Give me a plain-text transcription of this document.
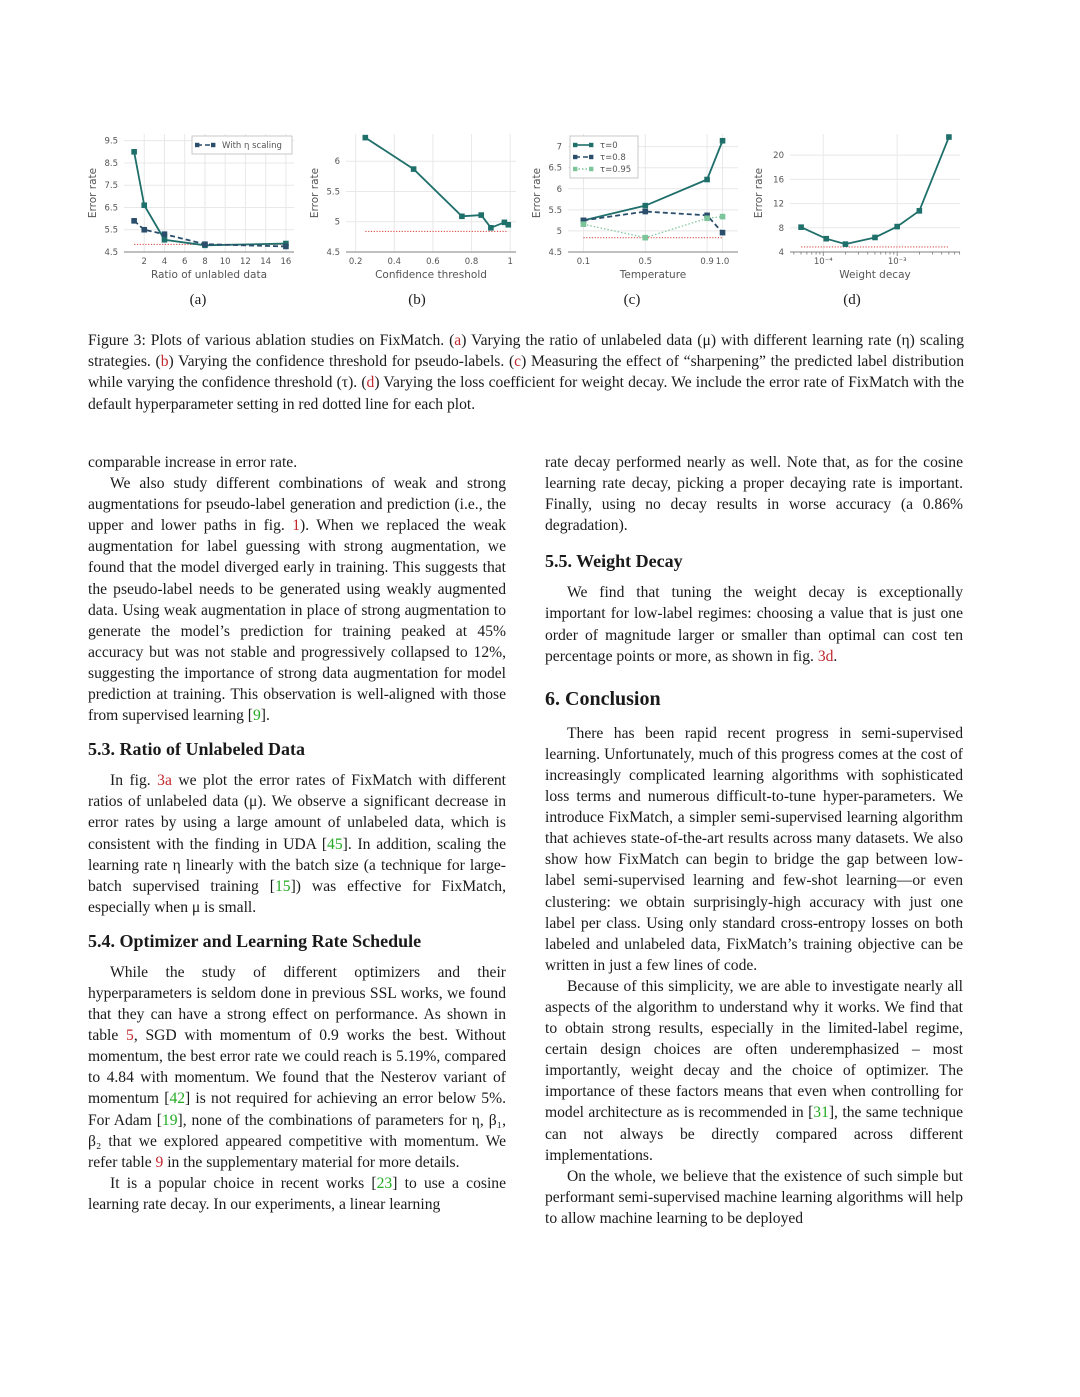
4.5
5.5
6.5
7.5
8.5
9.5
2 4 6 8 10 12 14 16
Ratio of unlabled data
Error rate
With η scaling
4.5
5
5.5
6
0.2	0.4	0.6	0.8	1
Confidence threshold
Error rate
4.5
5
5.5
6
6.5
7
0.1	0.5	0.9 1.0
Temperature
Error rate
τ=0
τ=0.8
τ=0.95
4
8
12
16
20
10⁻⁴	10⁻³
Weight decay
Error rate
(a)	(b)	(c)	(d)
Figure 3: Plots of various ablation studies on FixMatch. (a) Varying the ratio of unlabeled data (μ) with different learning rate (η) scaling strategies. (b) Varying the confidence threshold for pseudo-labels. (c) Measuring the effect of “sharpening” the predicted label distribution while varying the confidence threshold (τ). (d) Varying the loss coefficient for weight decay. We include the error rate of FixMatch with the default hyperparameter setting in red dotted line for each plot.

comparable increase in error rate.

We also study different combinations of weak and strong augmentations for pseudo-label generation and prediction (i.e., the upper and lower paths in fig. 1). When we replaced the weak augmentation for label guessing with strong augmentation, we found that the model diverged early in training. This suggests that the pseudo-label needs to be generated using weakly augmented data. Using weak augmentation in place of strong augmentation to generate the model’s prediction for training peaked at 45% accuracy but was not stable and progressively collapsed to 12%, suggesting the importance of strong data augmentation for model prediction at training. This observation is well-aligned with those from supervised learning [9].

5.3. Ratio of Unlabeled Data

In fig. 3a we plot the error rates of FixMatch with different ratios of unlabeled data (μ). We observe a significant decrease in error rates by using a large amount of unlabeled data, which is consistent with the finding in UDA [45]. In addition, scaling the learning rate η linearly with the batch size (a technique for large-batch supervised training [15]) was effective for FixMatch, especially when μ is small.

5.4. Optimizer and Learning Rate Schedule

While the study of different optimizers and their hyperparameters is seldom done in previous SSL works, we found that they can have a strong effect on performance. As shown in table 5, SGD with momentum of 0.9 works the best. Without momentum, the best error rate we could reach is 5.19%, compared to 4.84 with momentum. We found that the Nesterov variant of momentum [42] is not required for achieving an error below 5%. For Adam [19], none of the combinations of parameters for η, β₁, β₂ that we explored appeared competitive with momentum. We refer table 9 in the supplementary material for more details.

It is a popular choice in recent works [23] to use a cosine learning rate decay. In our experiments, a linear learning

rate decay performed nearly as well. Note that, as for the cosine learning rate decay, picking a proper decaying rate is important. Finally, using no decay results in worse accuracy (a 0.86% degradation).

5.5. Weight Decay

We find that tuning the weight decay is exceptionally important for low-label regimes: choosing a value that is just one order of magnitude larger or smaller than optimal can cost ten percentage points or more, as shown in fig. 3d.

6. Conclusion

There has been rapid recent progress in semi-supervised learning. Unfortunately, much of this progress comes at the cost of increasingly complicated learning algorithms with sophisticated loss terms and numerous difficult-to-tune hyper-parameters. We introduce FixMatch, a simpler semi-supervised learning algorithm that achieves state-of-the-art results across many datasets. We also show how FixMatch can begin to bridge the gap between low-label semi-supervised learning and few-shot learning—or even clustering: we obtain surprisingly-high accuracy with just one label per class. Using only standard cross-entropy losses on both labeled and unlabeled data, FixMatch’s training objective can be written in just a few lines of code.

Because of this simplicity, we are able to investigate nearly all aspects of the algorithm to understand why it works. We find that to obtain strong results, especially in the limited-label regime, certain design choices are often underemphasized – most importantly, weight decay and the choice of optimizer. The importance of these factors means that even when controlling for model architecture as is recommended in [31], the same technique can not always be directly compared across different implementations.

On the whole, we believe that the existence of such simple but performant semi-supervised machine learning algorithms will help to allow machine learning to be deployed
